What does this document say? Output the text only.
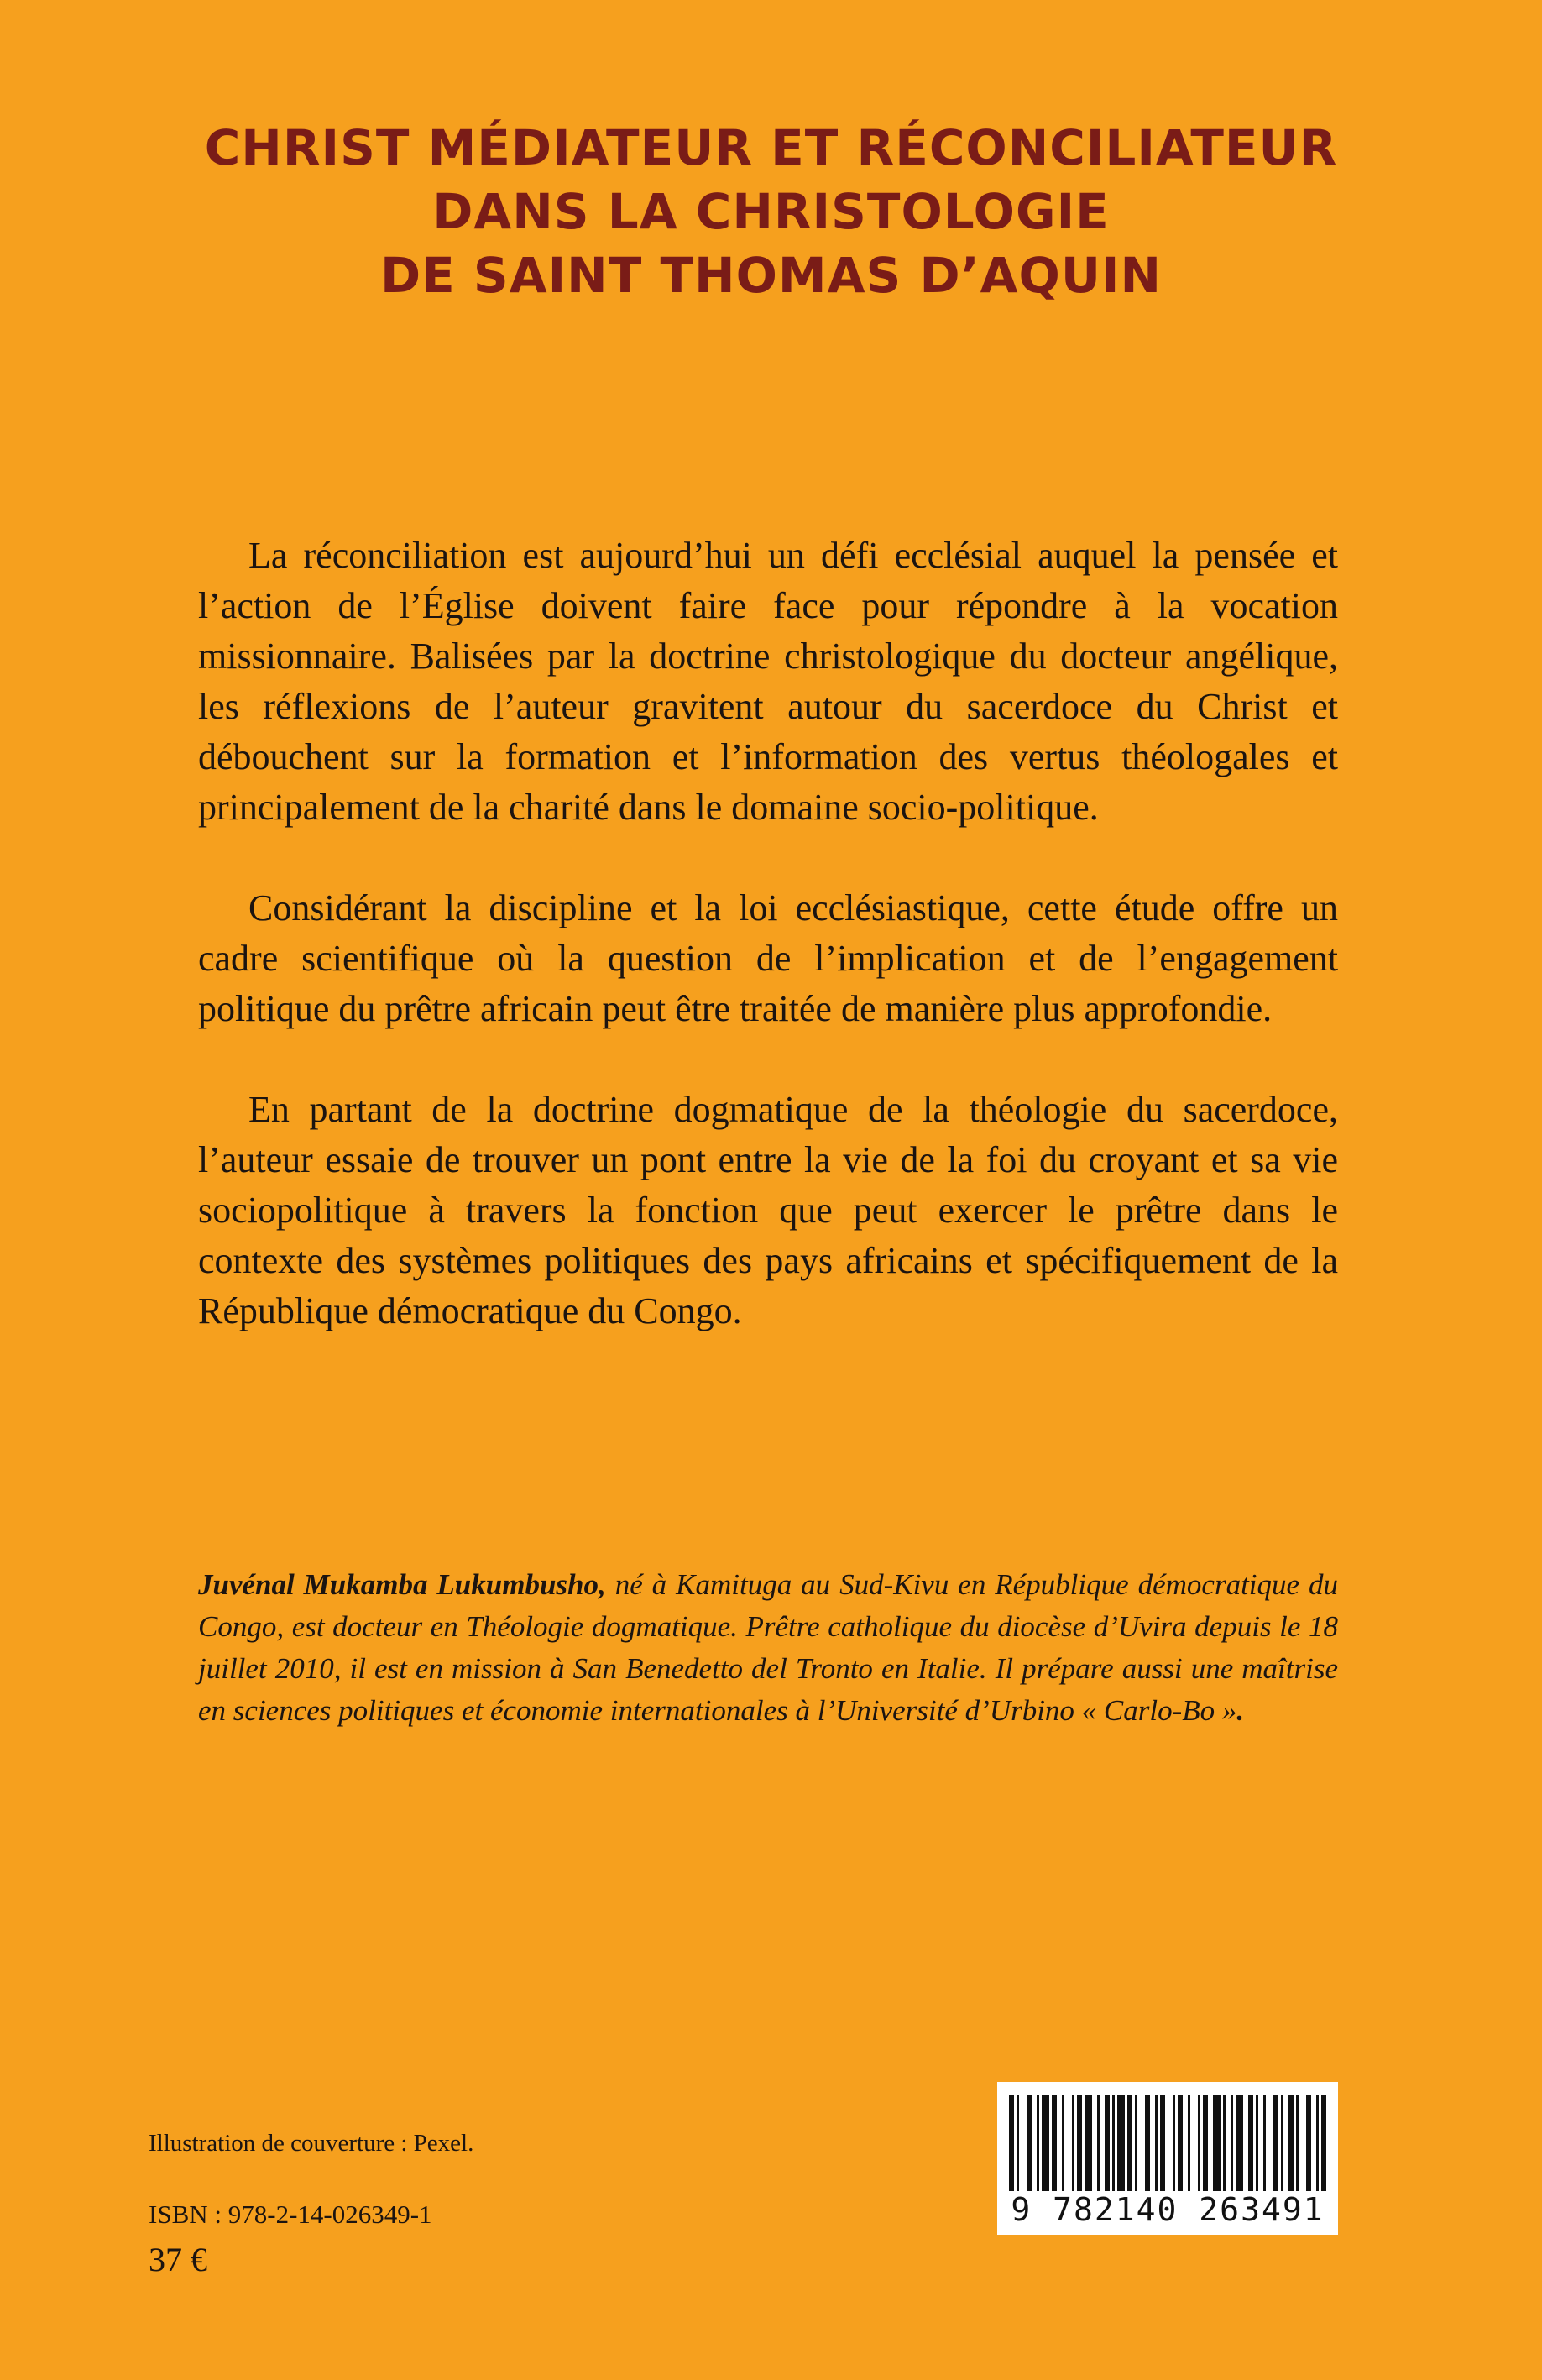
CHRIST MÉDIATEUR ET RÉCONCILIATEUR
DANS LA CHRISTOLOGIE
DE SAINT THOMAS D’AQUIN

La réconciliation est aujourd’hui un défi ecclésial auquel la pensée et l’action de l’Église doivent faire face pour répondre à la vocation missionnaire. Balisées par la doctrine christologique du docteur angélique, les réflexions de l’auteur gravitent autour du sacerdoce du Christ et débouchent sur la formation et l’information des vertus théologales et principalement de la charité dans le domaine socio-politique.

Considérant la discipline et la loi ecclésiastique, cette étude offre un cadre scientifique où la question de l’implication et de l’engagement politique du prêtre africain peut être traitée de manière plus approfondie.

En partant de la doctrine dogmatique de la théologie du sacerdoce, l’auteur essaie de trouver un pont entre la vie de la foi du croyant et sa vie sociopolitique à travers la fonction que peut exercer le prêtre dans le contexte des systèmes politiques des pays africains et spécifiquement de la République démocratique du Congo.

Juvénal Mukamba Lukumbusho, né à Kamituga au Sud-Kivu en République démocratique du Congo, est docteur en Théologie dogmatique. Prêtre catholique du diocèse d’Uvira depuis le 18 juillet 2010, il est en mission à San Benedetto del Tronto en Italie. Il prépare aussi une maîtrise en sciences politiques et économie internationales à l’Université d’Urbino « Carlo-Bo ».

Illustration de couverture : Pexel.
ISBN : 978-2-14-026349-1
37 €
9 782140 263491
